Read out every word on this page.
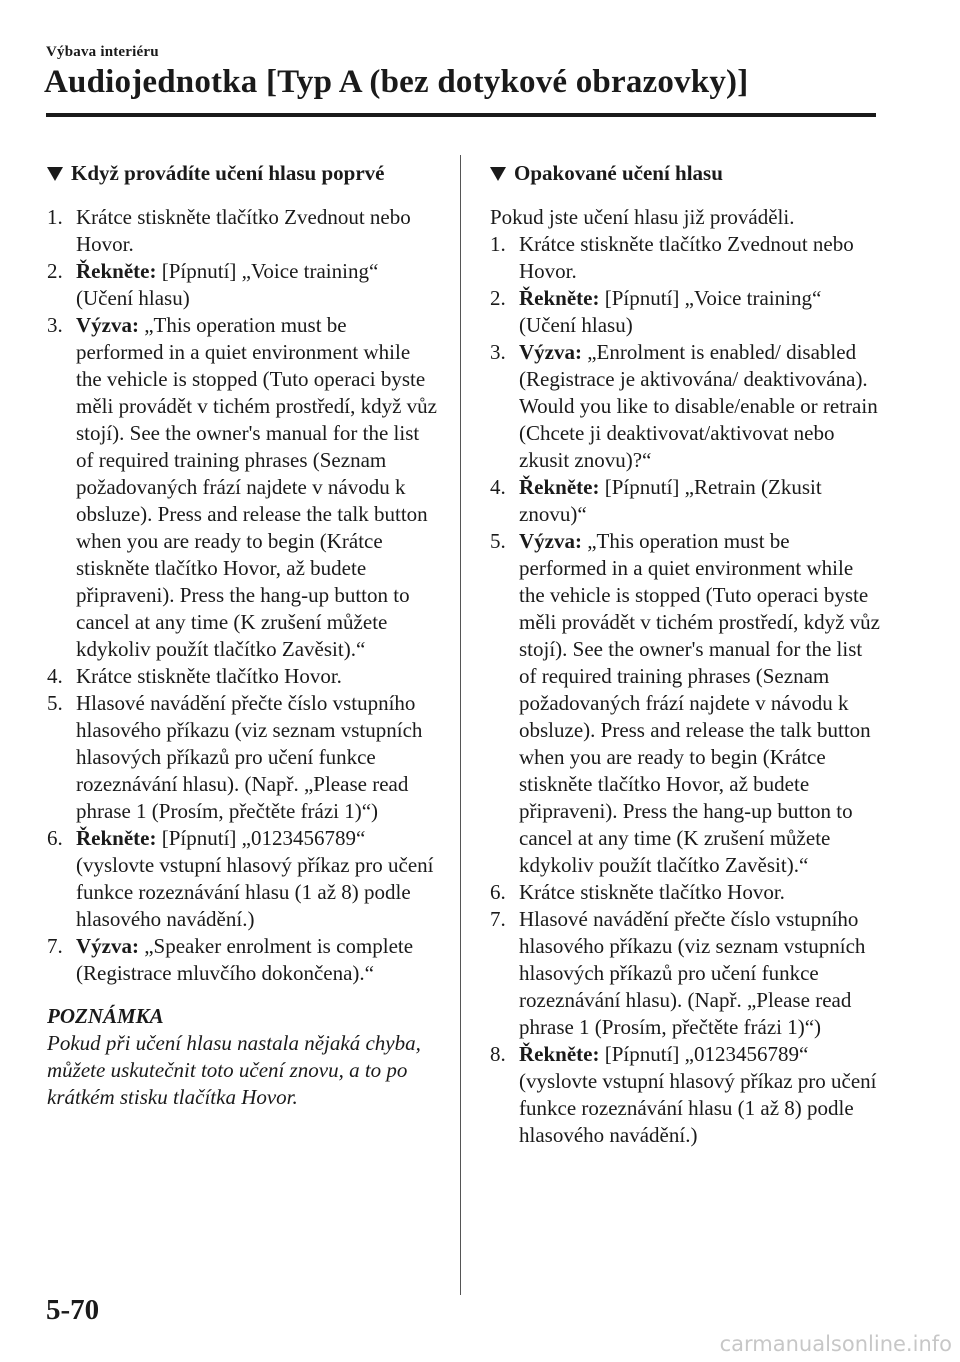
Výbava interiéru
Audiojednotka [Typ A (bez dotykové obrazovky)]
Když provádíte učení hlasu poprvé
1. Krátce stiskněte tlačítko Zvednout nebo Hovor.
2. Řekněte: [Pípnutí] „Voice training“ (Učení hlasu)
3. Výzva: „This operation must be performed in a quiet environment while the vehicle is stopped (Tuto operaci byste měli provádět v tichém prostředí, když vůz stojí). See the owner's manual for the list of required training phrases (Seznam požadovaných frází najdete v návodu k obsluze). Press and release the talk button when you are ready to begin (Krátce stiskněte tlačítko Hovor, až budete připraveni). Press the hang-up button to cancel at any time (K zrušení můžete kdykoliv použít tlačítko Zavěsit).“
4. Krátce stiskněte tlačítko Hovor.
5. Hlasové navádění přečte číslo vstupního hlasového příkazu (viz seznam vstupních hlasových příkazů pro učení funkce rozeznávání hlasu). (Např. „Please read phrase 1 (Prosím, přečtěte frázi 1)“)
6. Řekněte: [Pípnutí] „0123456789“ (vyslovte vstupní hlasový příkaz pro učení funkce rozeznávání hlasu (1 až 8) podle hlasového navádění.)
7. Výzva: „Speaker enrolment is complete (Registrace mluvčího dokončena).“
POZNÁMKA
Pokud při učení hlasu nastala nějaká chyba, můžete uskutečnit toto učení znovu, a to po krátkém stisku tlačítka Hovor.
Opakované učení hlasu
Pokud jste učení hlasu již prováděli.
1. Krátce stiskněte tlačítko Zvednout nebo Hovor.
2. Řekněte: [Pípnutí] „Voice training“ (Učení hlasu)
3. Výzva: „Enrolment is enabled/ disabled (Registrace je aktivována/ deaktivována). Would you like to disable/enable or retrain (Chcete ji deaktivovat/aktivovat nebo zkusit znovu)?“
4. Řekněte: [Pípnutí] „Retrain (Zkusit znovu)“
5. Výzva: „This operation must be performed in a quiet environment while the vehicle is stopped (Tuto operaci byste měli provádět v tichém prostředí, když vůz stojí). See the owner's manual for the list of required training phrases (Seznam požadovaných frází najdete v návodu k obsluze). Press and release the talk button when you are ready to begin (Krátce stiskněte tlačítko Hovor, až budete připraveni). Press the hang-up button to cancel at any time (K zrušení můžete kdykoliv použít tlačítko Zavěsit).“
6. Krátce stiskněte tlačítko Hovor.
7. Hlasové navádění přečte číslo vstupního hlasového příkazu (viz seznam vstupních hlasových příkazů pro učení funkce rozeznávání hlasu). (Např. „Please read phrase 1 (Prosím, přečtěte frázi 1)“)
8. Řekněte: [Pípnutí] „0123456789“ (vyslovte vstupní hlasový příkaz pro učení funkce rozeznávání hlasu (1 až 8) podle hlasového navádění.)
5-70
carmanualsonline.info
